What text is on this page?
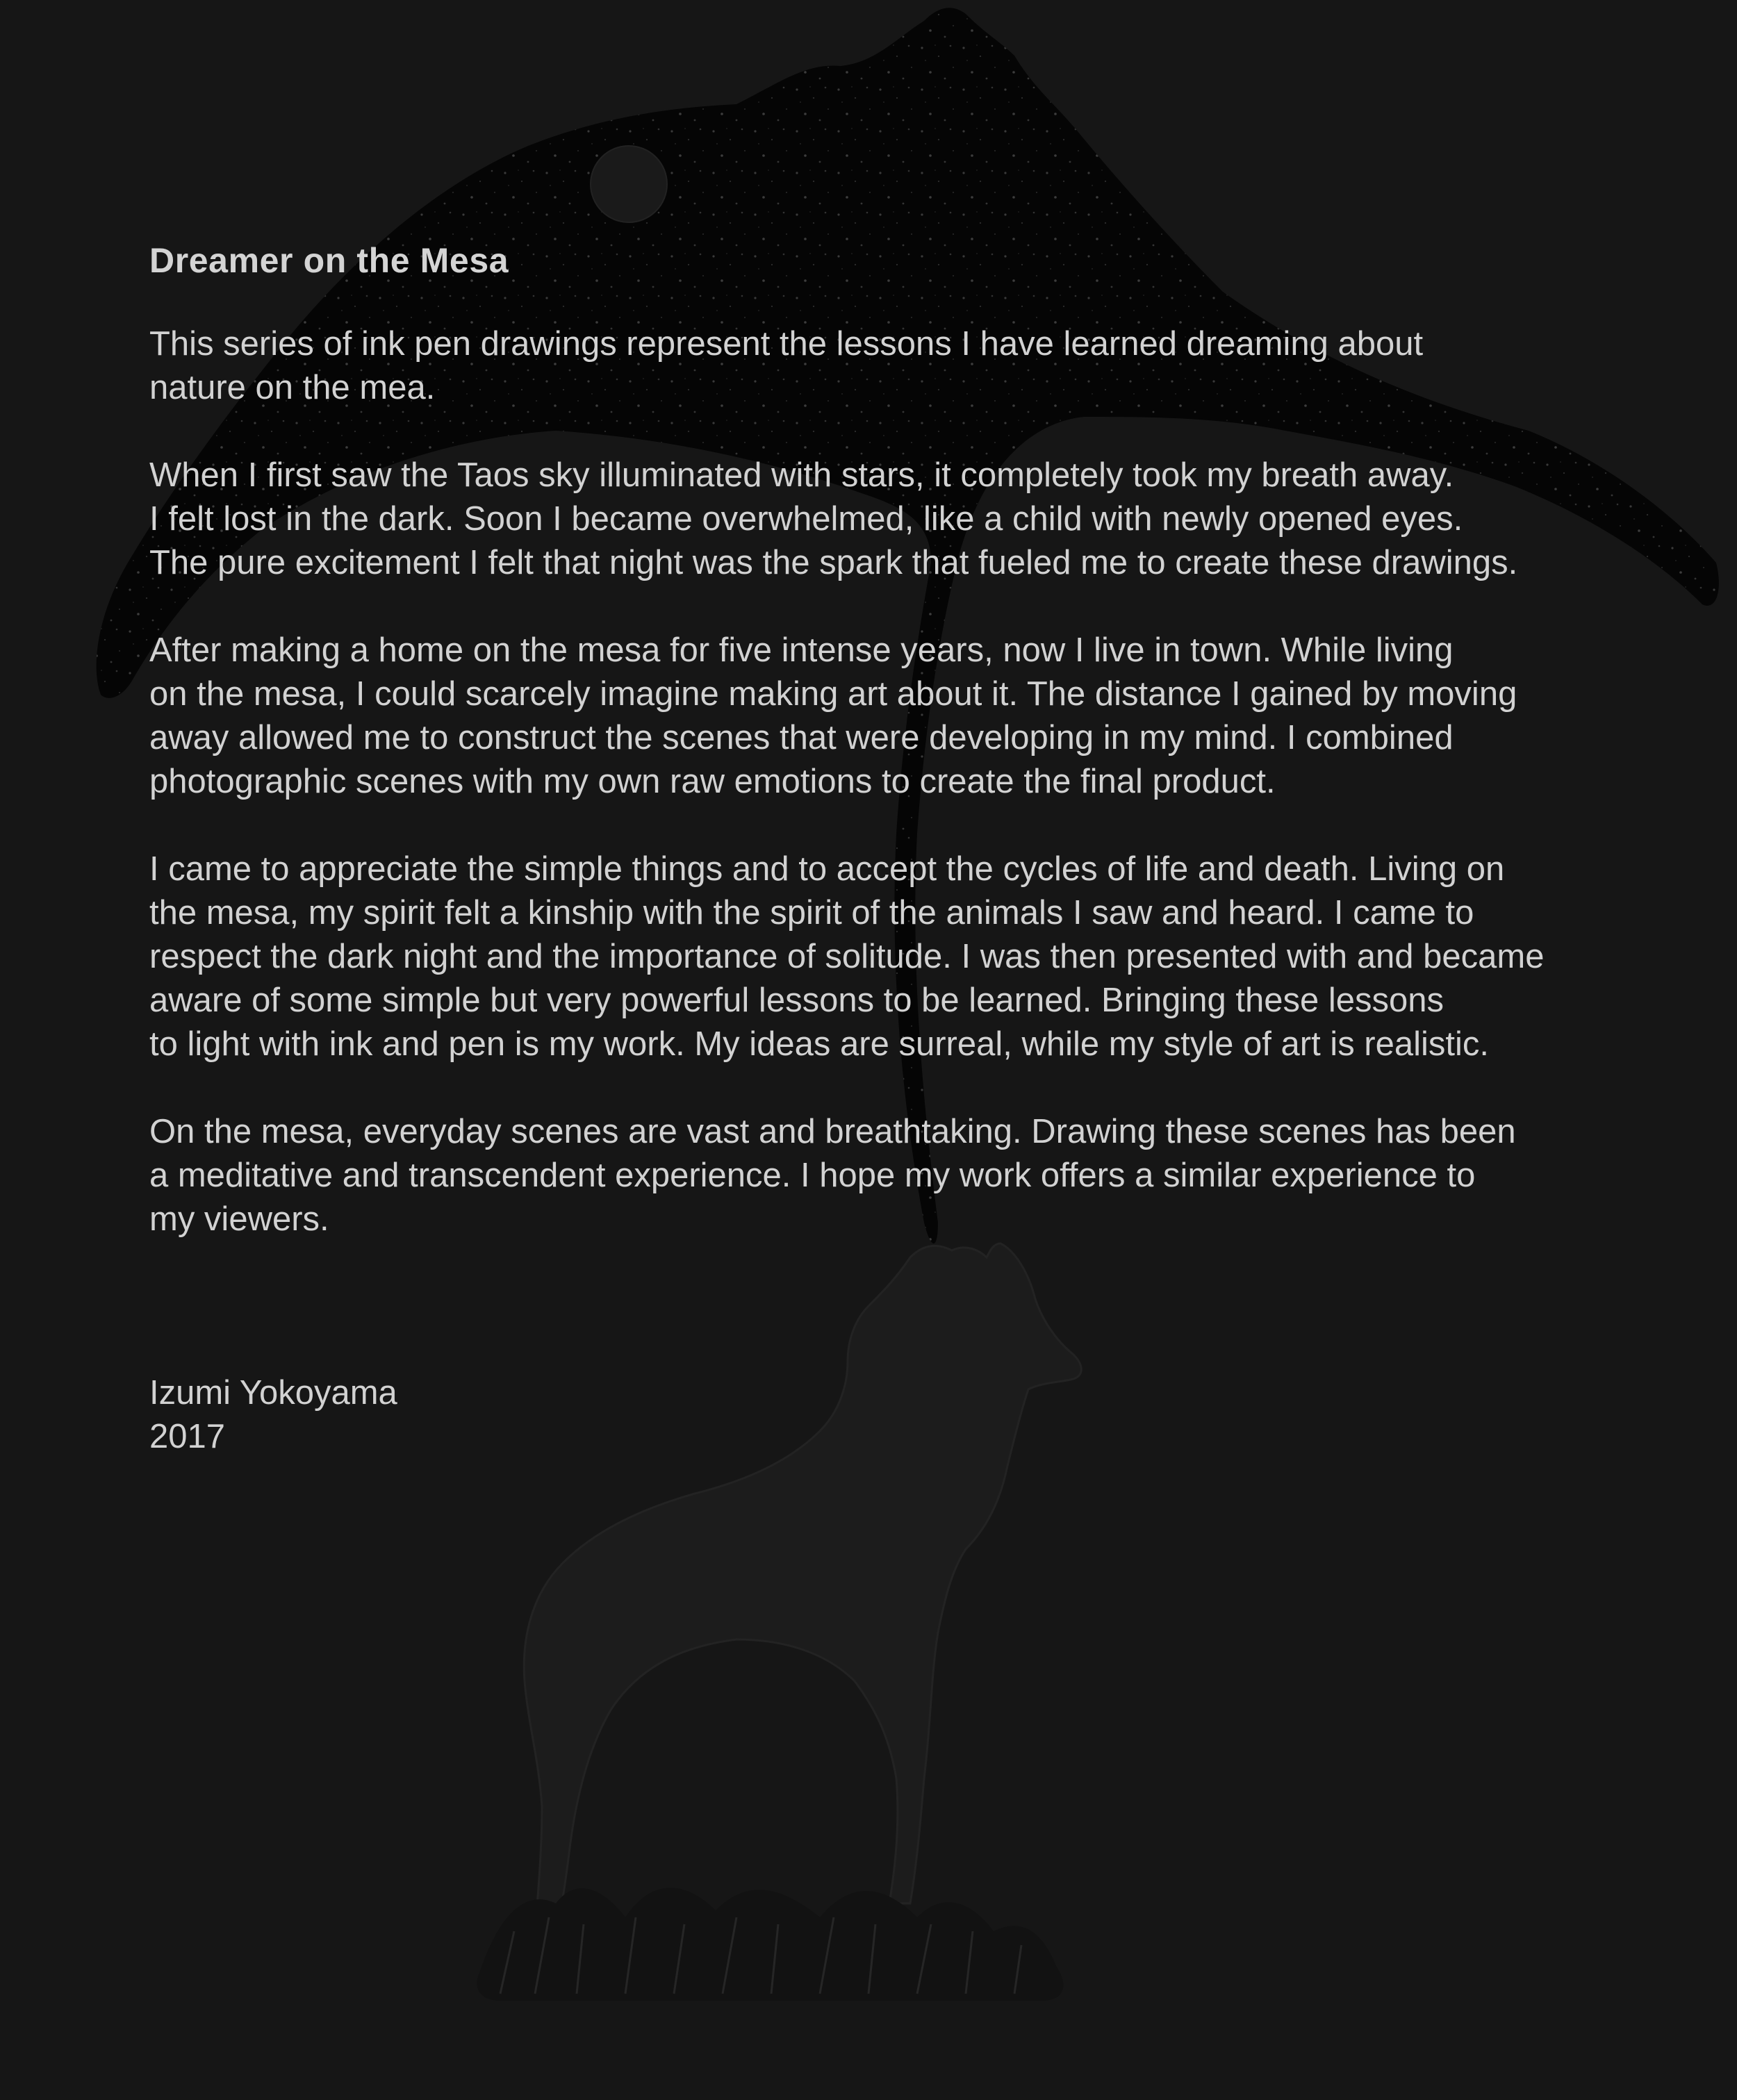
Dreamer on the Mesa

This series of ink pen drawings represent the lessons I have learned dreaming about
nature on the mea.

When I first saw the Taos sky illuminated with stars, it completely took my breath away.
I felt lost in the dark. Soon I became overwhelmed, like a child with newly opened eyes.
The pure excitement I felt that night was the spark that fueled me to create these drawings.

After making a home on the mesa for five intense years, now I live in town. While living
on the mesa, I could scarcely imagine making art about it. The distance I gained by moving
away allowed me to construct the scenes that were developing in my mind. I combined
photographic scenes with my own raw emotions to create the final product.

I came to appreciate the simple things and to accept the cycles of life and death. Living on
the mesa, my spirit felt a kinship with the spirit of the animals I saw and heard. I came to
respect the dark night and the importance of solitude. I was then presented with and became
aware of some simple but very powerful lessons to be learned. Bringing these lessons
to light with ink and pen is my work. My ideas are surreal, while my style of art is realistic.

On the mesa, everyday scenes are vast and breathtaking. Drawing these scenes has been
a meditative and transcendent experience. I hope my work offers a similar experience to
my viewers.

Izumi Yokoyama
2017
